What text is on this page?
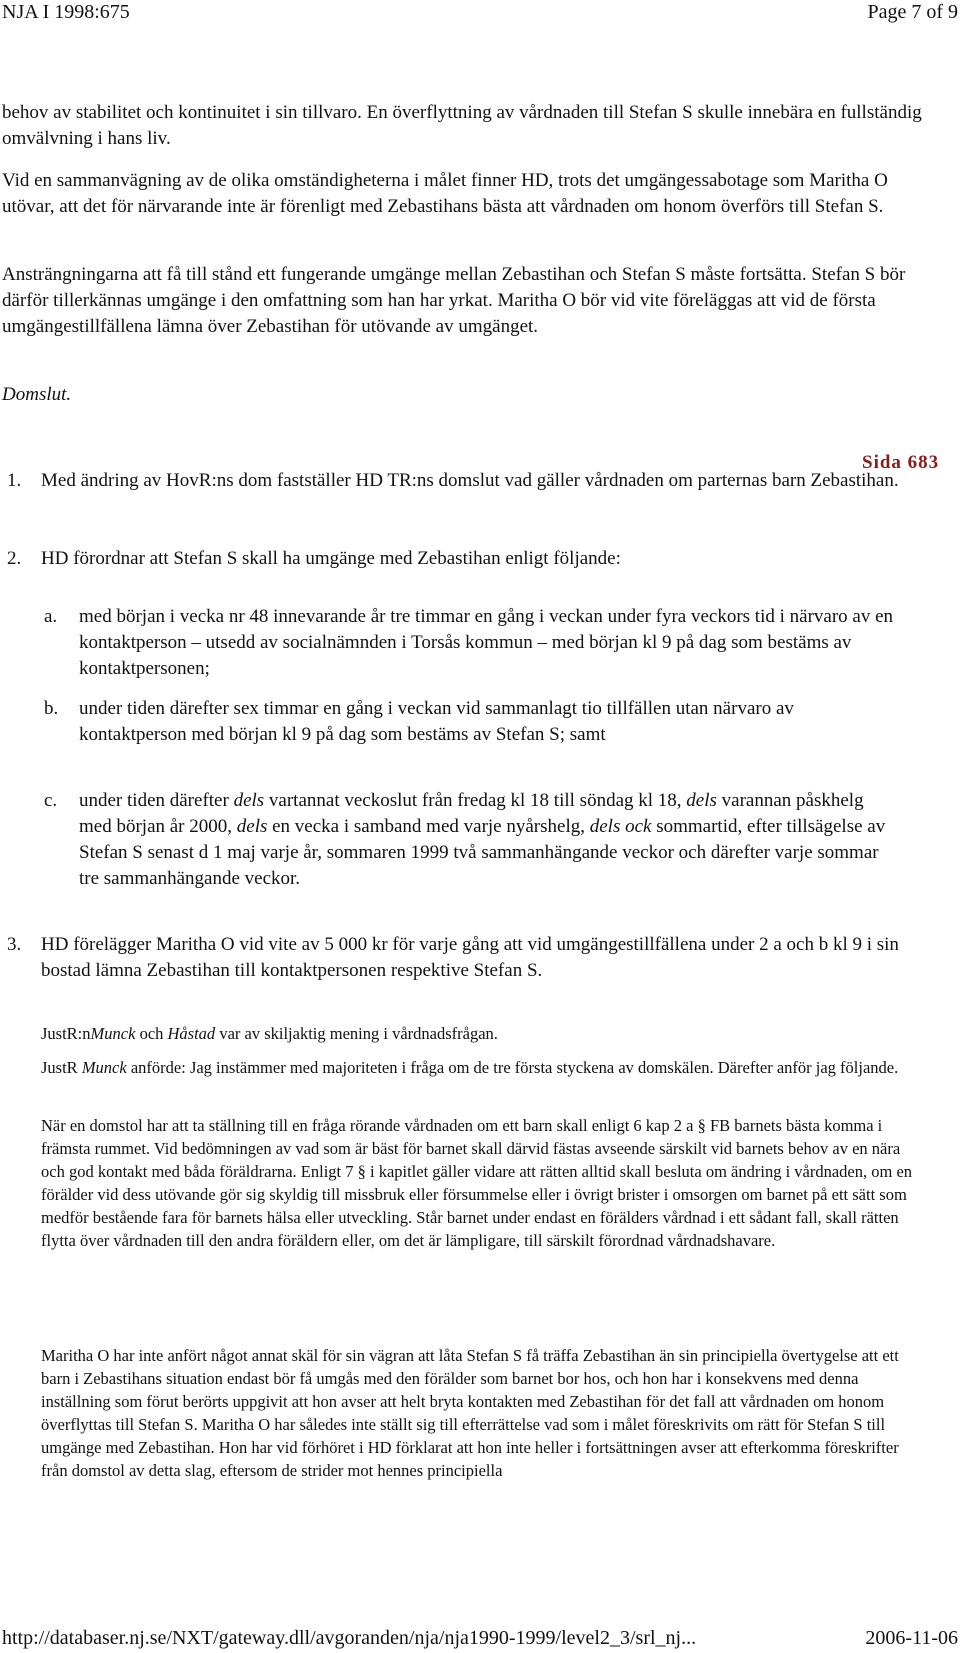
NJA I 1998:675	Page 7 of 9

behov av stabilitet och kontinuitet i sin tillvaro. En överflyttning av vårdnaden till Stefan S skulle innebära en fullständig omvälvning i hans liv.

Vid en sammanvägning av de olika omständigheterna i målet finner HD, trots det umgängessabotage som Maritha O utövar, att det för närvarande inte är förenligt med Zebastihans bästa att vårdnaden om honom överförs till Stefan S.

Ansträngningarna att få till stånd ett fungerande umgänge mellan Zebastihan och Stefan S måste fortsätta. Stefan S bör därför tillerkännas umgänge i den omfattning som han har yrkat. Maritha O bör vid vite föreläggas att vid de första umgängestillfällena lämna över Zebastihan för utövande av umgänget.

Domslut.

Sida 683
1. Med ändring av HovR:ns dom fastställer HD TR:ns domslut vad gäller vårdnaden om parternas barn Zebastihan.
2. HD förordnar att Stefan S skall ha umgänge med Zebastihan enligt följande:
a. med början i vecka nr 48 innevarande år tre timmar en gång i veckan under fyra veckors tid i närvaro av en kontaktperson – utsedd av socialnämnden i Torsås kommun – med början kl 9 på dag som bestäms av kontaktpersonen;
b. under tiden därefter sex timmar en gång i veckan vid sammanlagt tio tillfällen utan närvaro av kontaktperson med början kl 9 på dag som bestäms av Stefan S; samt
c. under tiden därefter dels vartannat veckoslut från fredag kl 18 till söndag kl 18, dels varannan påskhelg med början år 2000, dels en vecka i samband med varje nyårshelg, dels ock sommartid, efter tillsägelse av Stefan S senast d 1 maj varje år, sommaren 1999 två sammanhängande veckor och därefter varje sommar tre sammanhängande veckor.
3. HD förelägger Maritha O vid vite av 5 000 kr för varje gång att vid umgängestillfällena under 2 a och b kl 9 i sin bostad lämna Zebastihan till kontaktpersonen respektive Stefan S.

JustR:nMunck och Håstad var av skiljaktig mening i vårdnadsfrågan.

JustR Munck anförde: Jag instämmer med majoriteten i fråga om de tre första styckena av domskälen. Därefter anför jag följande.

När en domstol har att ta ställning till en fråga rörande vårdnaden om ett barn skall enligt 6 kap 2 a § FB barnets bästa komma i främsta rummet. Vid bedömningen av vad som är bäst för barnet skall därvid fästas avseende särskilt vid barnets behov av en nära och god kontakt med båda föräldrarna. Enligt 7 § i kapitlet gäller vidare att rätten alltid skall besluta om ändring i vårdnaden, om en förälder vid dess utövande gör sig skyldig till missbruk eller försummelse eller i övrigt brister i omsorgen om barnet på ett sätt som medför bestående fara för barnets hälsa eller utveckling. Står barnet under endast en förälders vårdnad i ett sådant fall, skall rätten flytta över vårdnaden till den andra föräldern eller, om det är lämpligare, till särskilt förordnad vårdnadshavare.

Maritha O har inte anfört något annat skäl för sin vägran att låta Stefan S få träffa Zebastihan än sin principiella övertygelse att ett barn i Zebastihans situation endast bör få umgås med den förälder som barnet bor hos, och hon har i konsekvens med denna inställning som förut berörts uppgivit att hon avser att helt bryta kontakten med Zebastihan för det fall att vårdnaden om honom överflyttas till Stefan S. Maritha O har således inte ställt sig till efterrättelse vad som i målet föreskrivits om rätt för Stefan S till umgänge med Zebastihan. Hon har vid förhöret i HD förklarat att hon inte heller i fortsättningen avser att efterkomma föreskrifter från domstol av detta slag, eftersom de strider mot hennes principiella

http://databaser.nj.se/NXT/gateway.dll/avgoranden/nja/nja1990-1999/level2_3/srl_nj...	2006-11-06
